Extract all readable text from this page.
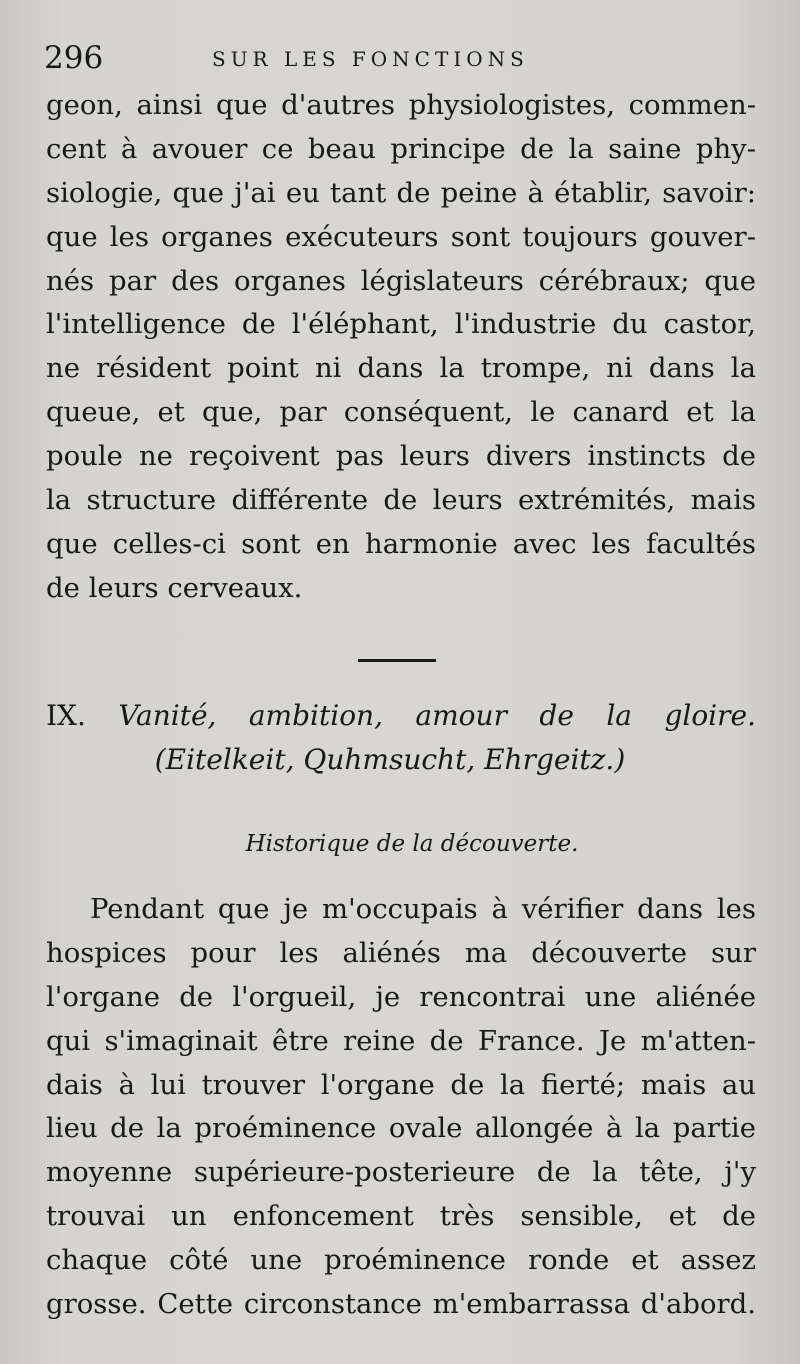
296	SUR LES FONCTIONS
geon, ainsi que d'autres physiologistes, commen-
cent à avouer ce beau principe de la saine phy-
siologie, que j'ai eu tant de peine à établir, savoir:
que les organes exécuteurs sont toujours gouver-
nés par des organes législateurs cérébraux; que
l'intelligence de l'éléphant, l'industrie du castor,
ne résident point ni dans la trompe, ni dans la
queue, et que, par conséquent, le canard et la
poule ne reçoivent pas leurs divers instincts de
la structure différente de leurs extrémités, mais
que celles-ci sont en harmonie avec les facultés
de leurs cerveaux.
IX. Vanité, ambition, amour de la gloire.
(Eitelkeit, Quhmsucht, Ehrgeitz.)
Historique de la découverte.
Pendant que je m'occupais à vérifier dans les
hospices pour les aliénés ma découverte sur
l'organe de l'orgueil, je rencontrai une aliénée
qui s'imaginait être reine de France. Je m'atten-
dais à lui trouver l'organe de la fierté; mais au
lieu de la proéminence ovale allongée à la partie
moyenne supérieure-posterieure de la tête, j'y
trouvai un enfoncement très sensible, et de
chaque côté une proéminence ronde et assez
grosse. Cette circonstance m'embarrassa d'abord.
